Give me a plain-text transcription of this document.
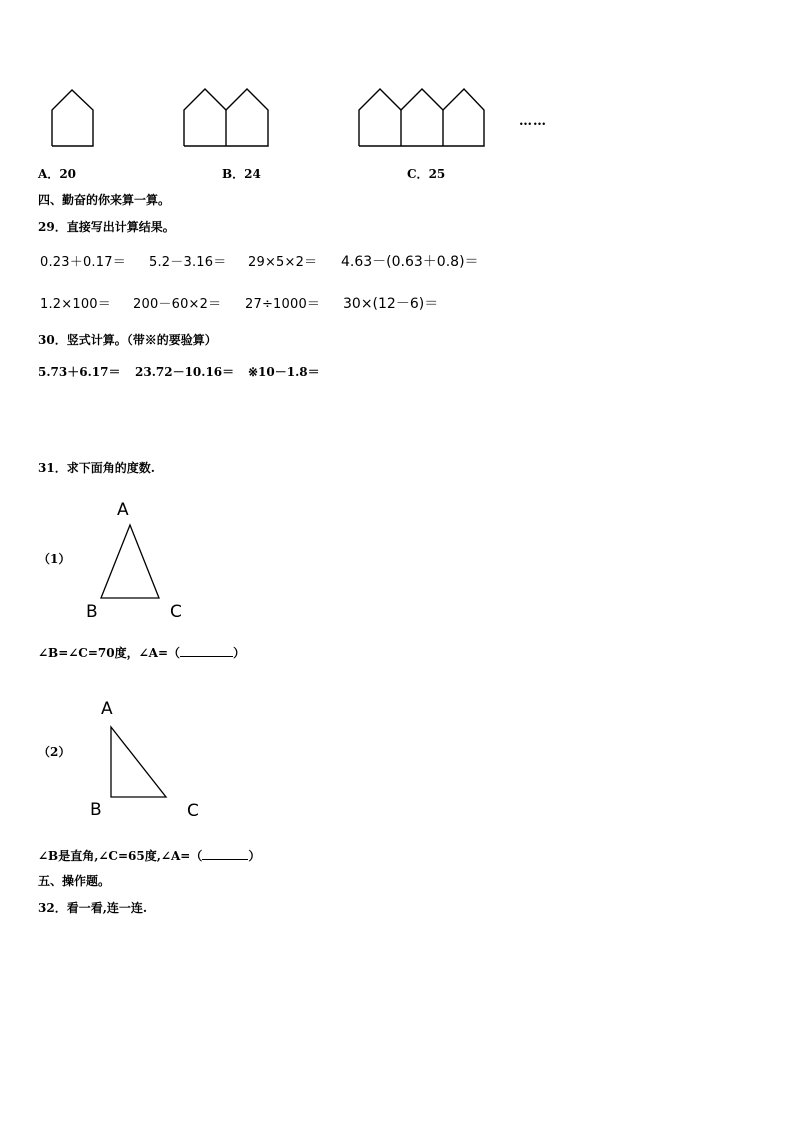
……
A．20	B．24	C．25
四、勤奋的你来算一算。
29．直接写出计算结果。
0.23＋0.17＝ 5.2－3.16＝ 29×5×2＝ 4.63－(0.63＋0.8)＝
1.2×100＝ 200－60×2＝ 27÷1000＝ 30×(12－6)＝
30．竖式计算。（带※的要验算）
5.73＋6.17＝ 23.72－10.16＝ ※10－1.8＝
31．求下面角的度数.
（1）
A
B	C
∠B=∠C=70度，∠A=（	）
A
（2）
B	C
∠B是直角,∠C=65度,∠A=（	）
五、操作题。
32．看一看,连一连.
